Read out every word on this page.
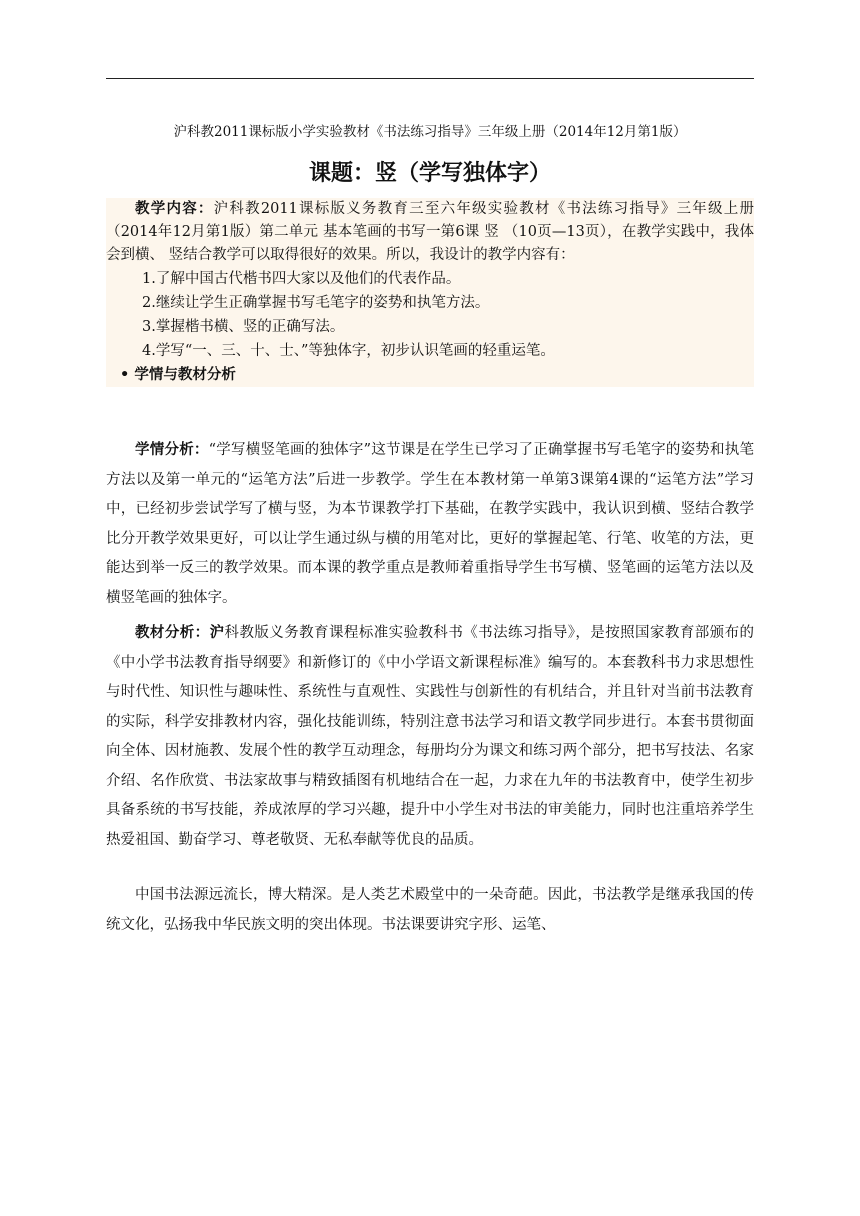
沪科教2011课标版小学实验教材《书法练习指导》三年级上册（2014年12月第1版）
课题：竖（学写独体字）

教学内容：沪科教2011课标版义务教育三至六年级实验教材《书法练习指导》三年级上册（2014年12月第1版）第二单元 基本笔画的书写一第6课 竖 （10页—13页），在教学实践中，我体会到横、 竖结合教学可以取得很好的效果。所以，我设计的教学内容有：

1.了解中国古代楷书四大家以及他们的代表作品。

2.继续让学生正确掌握书写毛笔字的姿势和执笔方法。

3.掌握楷书横、竖的正确写法。

4.学写“一、三、十、士、”等独体字，初步认识笔画的轻重运笔。

• 学情与教材分析

学情分析：“学写横竖笔画的独体字”这节课是在学生已学习了正确掌握书写毛笔字的姿势和执笔方法以及第一单元的“运笔方法”后进一步教学。学生在本教材第一单第3课第4课的“运笔方法”学习中，已经初步尝试学写了横与竖，为本节课教学打下基础，在教学实践中，我认识到横、竖结合教学比分开教学效果更好，可以让学生通过纵与横的用笔对比，更好的掌握起笔、行笔、收笔的方法，更能达到举一反三的教学效果。而本课的教学重点是教师着重指导学生书写横、竖笔画的运笔方法以及横竖笔画的独体字。

教材分析：沪科教版义务教育课程标准实验教科书《书法练习指导》，是按照国家教育部颁布的《中小学书法教育指导纲要》和新修订的《中小学语文新课程标准》编写的。本套教科书力求思想性与时代性、知识性与趣味性、系统性与直观性、实践性与创新性的有机结合，并且针对当前书法教育的实际，科学安排教材内容，强化技能训练，特别注意书法学习和语文教学同步进行。本套书贯彻面向全体、因材施教、发展个性的教学互动理念，每册均分为课文和练习两个部分，把书写技法、名家介绍、名作欣赏、书法家故事与精致插图有机地结合在一起，力求在九年的书法教育中，使学生初步具备系统的书写技能，养成浓厚的学习兴趣，提升中小学生对书法的审美能力，同时也注重培养学生热爱祖国、勤奋学习、尊老敬贤、无私奉献等优良的品质。

中国书法源远流长，博大精深。是人类艺术殿堂中的一朵奇葩。因此，书法教学是继承我国的传统文化，弘扬我中华民族文明的突出体现。书法课要讲究字形、运笔、
